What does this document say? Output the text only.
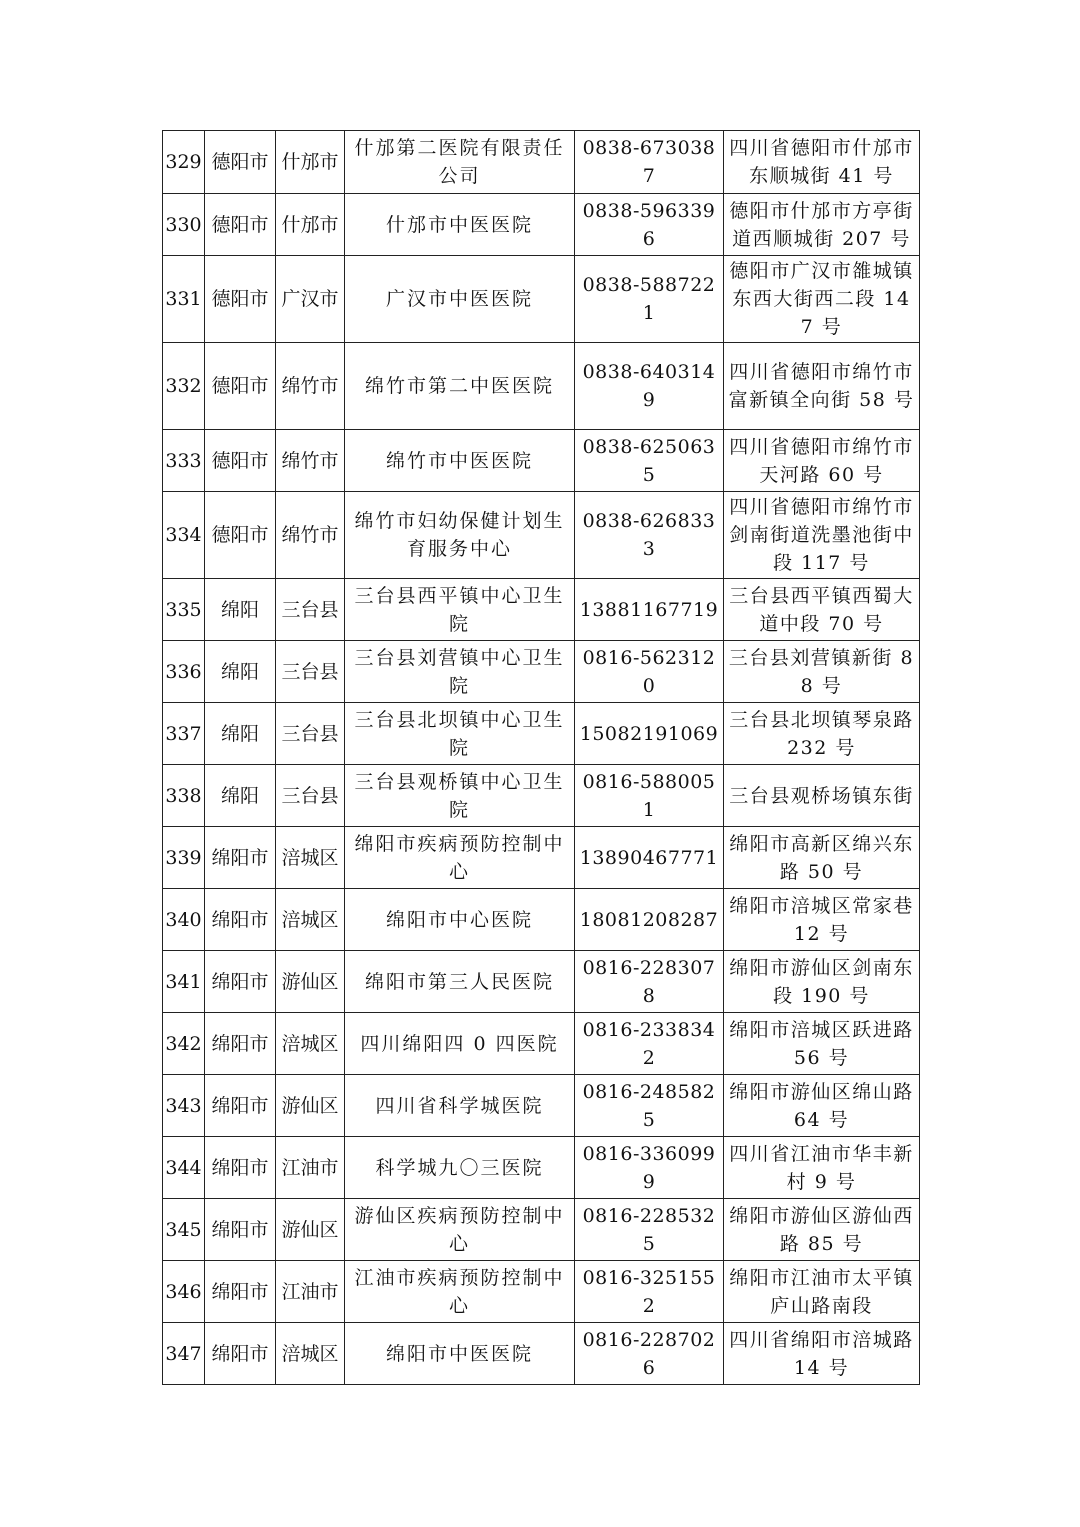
329	德阳市	什邡市	什邡第二医院有限责任公司	0838-6730387	四川省德阳市什邡市东顺城街 41 号
330	德阳市	什邡市	什邡市中医医院	0838-5963396	德阳市什邡市方亭街道西顺城街 207 号
331	德阳市	广汉市	广汉市中医医院	0838-5887221	德阳市广汉市雒城镇东西大街西二段 147 号
332	德阳市	绵竹市	绵竹市第二中医医院	0838-6403149	四川省德阳市绵竹市富新镇全向街 58 号
333	德阳市	绵竹市	绵竹市中医医院	0838-6250635	四川省德阳市绵竹市天河路 60 号
334	德阳市	绵竹市	绵竹市妇幼保健计划生育服务中心	0838-6268333	四川省德阳市绵竹市剑南街道洗墨池街中段 117 号
335	绵阳	三台县	三台县西平镇中心卫生院	13881167719	三台县西平镇西蜀大道中段 70 号
336	绵阳	三台县	三台县刘营镇中心卫生院	0816-5623120	三台县刘营镇新街 88 号
337	绵阳	三台县	三台县北坝镇中心卫生院	15082191069	三台县北坝镇琴泉路 232 号
338	绵阳	三台县	三台县观桥镇中心卫生院	0816-5880051	三台县观桥场镇东街
339	绵阳市	涪城区	绵阳市疾病预防控制中心	13890467771	绵阳市高新区绵兴东路 50 号
340	绵阳市	涪城区	绵阳市中心医院	18081208287	绵阳市涪城区常家巷 12 号
341	绵阳市	游仙区	绵阳市第三人民医院	0816-2283078	绵阳市游仙区剑南东段 190 号
342	绵阳市	涪城区	四川绵阳四 0 四医院	0816-2338342	绵阳市涪城区跃进路 56 号
343	绵阳市	游仙区	四川省科学城医院	0816-2485825	绵阳市游仙区绵山路 64 号
344	绵阳市	江油市	科学城九〇三医院	0816-3360999	四川省江油市华丰新村 9 号
345	绵阳市	游仙区	游仙区疾病预防控制中心	0816-2285325	绵阳市游仙区游仙西路 85 号
346	绵阳市	江油市	江油市疾病预防控制中心	0816-3251552	绵阳市江油市太平镇庐山路南段
347	绵阳市	涪城区	绵阳市中医医院	0816-2287026	四川省绵阳市涪城路 14 号
